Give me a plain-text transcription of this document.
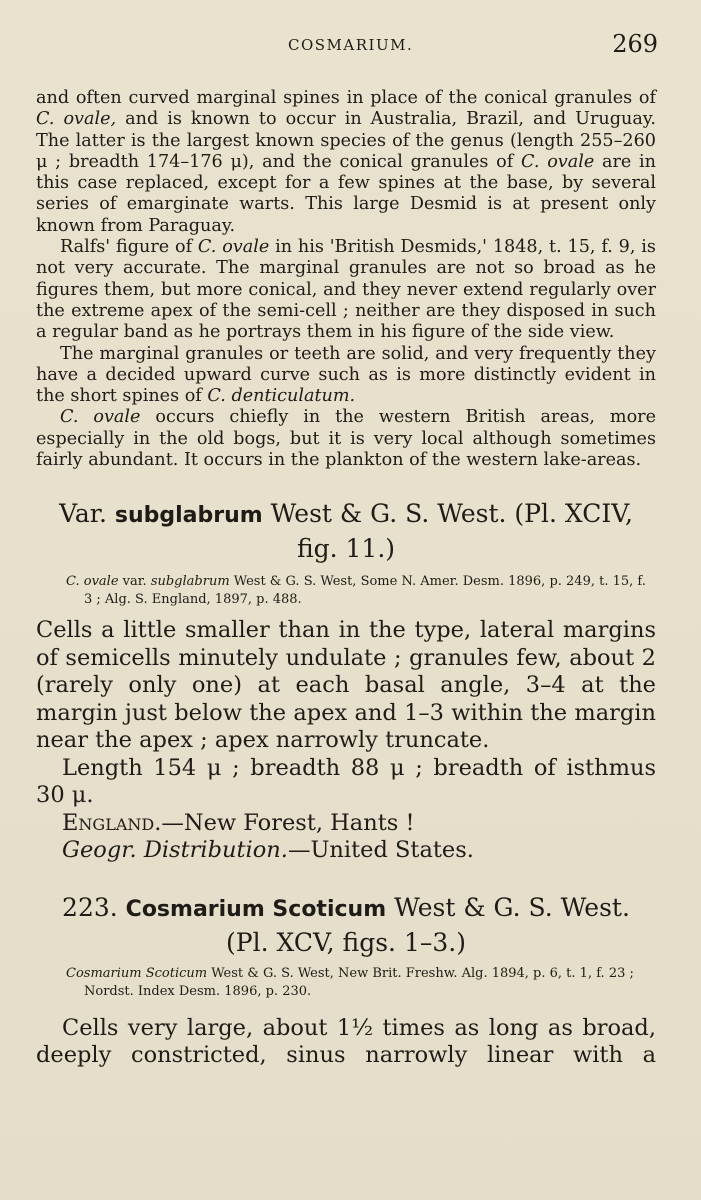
COSMARIUM.	269

and often curved marginal spines in place of the conical granules of C. ovale, and is known to occur in Australia, Brazil, and Uruguay. The latter is the largest known species of the genus (length 255–260 μ ; breadth 174–176 μ), and the conical granules of C. ovale are in this case replaced, except for a few spines at the base, by several series of emarginate warts. This large Desmid is at present only known from Paraguay.

Ralfs' figure of C. ovale in his 'British Desmids,' 1848, t. 15, f. 9, is not very accurate. The marginal granules are not so broad as he figures them, but more conical, and they never extend regularly over the extreme apex of the semi-cell ; neither are they disposed in such a regular band as he portrays them in his figure of the side view.

The marginal granules or teeth are solid, and very frequently they have a decided upward curve such as is more distinctly evident in the short spines of C. denticulatum.

C. ovale occurs chiefly in the western British areas, more especially in the old bogs, but it is very local although sometimes fairly abundant. It occurs in the plankton of the western lake-areas.

Var. subglabrum West & G. S. West. (Pl. XCIV, fig. 11.)
C. ovale var. subglabrum West & G. S. West, Some N. Amer. Desm. 1896, p. 249, t. 15, f. 3 ; Alg. S. England, 1897, p. 488.

Cells a little smaller than in the type, lateral margins of semicells minutely undulate ; granules few, about 2 (rarely only one) at each basal angle, 3–4 at the margin just below the apex and 1–3 within the margin near the apex ; apex narrowly truncate.

Length 154 μ ; breadth 88 μ ; breadth of isthmus 30 μ.

England.—New Forest, Hants !

Geogr. Distribution.—United States.

223. Cosmarium Scoticum West & G. S. West.
(Pl. XCV, figs. 1–3.)
Cosmarium Scoticum West & G. S. West, New Brit. Freshw. Alg. 1894, p. 6, t. 1, f. 23 ; Nordst. Index Desm. 1896, p. 230.

Cells very large, about 1½ times as long as broad, deeply constricted, sinus narrowly linear with a
